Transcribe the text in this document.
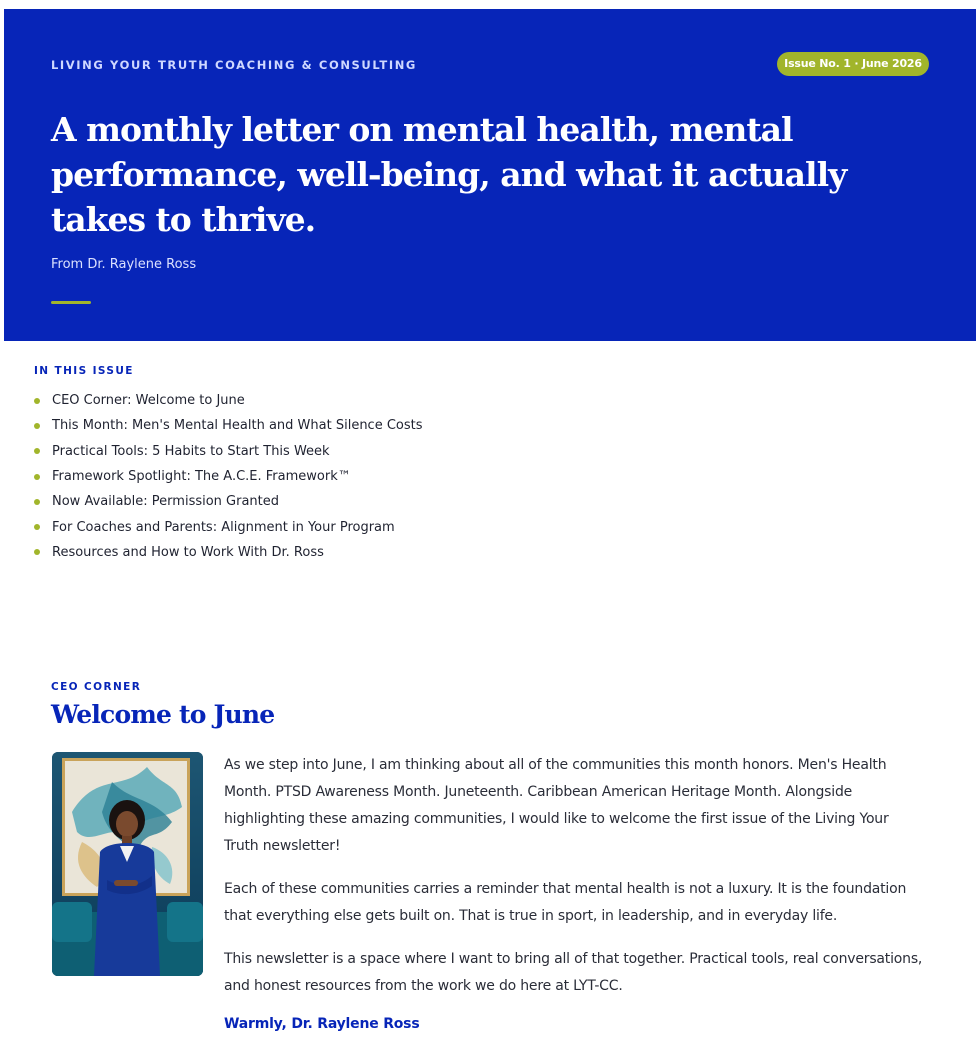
LIVING YOUR TRUTH COACHING & CONSULTING	Issue No. 1 · June 2026
A monthly letter on mental health, mental performance, well-being, and what it actually takes to thrive.
From Dr. Raylene Ross
IN THIS ISSUE
CEO Corner: Welcome to June
This Month: Men's Mental Health and What Silence Costs
Practical Tools: 5 Habits to Start This Week
Framework Spotlight: The A.C.E. Framework™
Now Available: Permission Granted
For Coaches and Parents: Alignment in Your Program
Resources and How to Work With Dr. Ross
CEO CORNER
Welcome to June

As we step into June, I am thinking about all of the communities this month honors. Men's Health Month. PTSD Awareness Month. Juneteenth. Caribbean American Heritage Month. Alongside highlighting these amazing communities, I would like to welcome the first issue of the Living Your Truth newsletter!

Each of these communities carries a reminder that mental health is not a luxury. It is the foundation that everything else gets built on. That is true in sport, in leadership, and in everyday life.

This newsletter is a space where I want to bring all of that together. Practical tools, real conversations, and honest resources from the work we do here at LYT-CC.

Warmly, Dr. Raylene Ross
